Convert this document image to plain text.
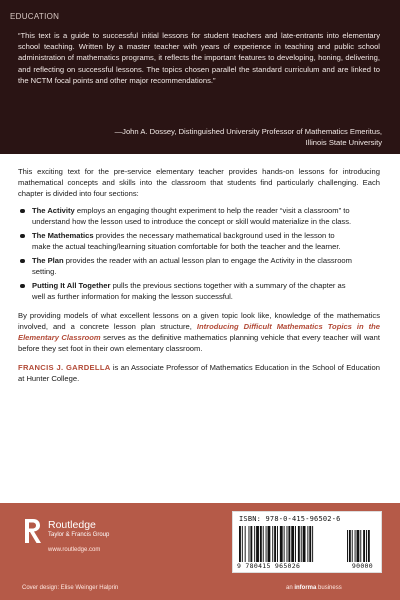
EDUCATION
“This text is a guide to successful initial lessons for student teachers and late-entrants into elementary school teaching. Written by a master teacher with years of experience in teaching and public school administration of mathematics programs, it reflects the important features to developing, honing, delivering, and reflecting on successful lessons. The topics chosen parallel the standard curriculum and are linked to the NCTM focal points and other major recommendations.”
—John A. Dossey, Distinguished University Professor of Mathematics Emeritus,
Illinois State University

This exciting text for the pre-service elementary teacher provides hands-on lessons for introducing mathematical concepts and skills into the classroom that students find particularly challenging. Each chapter is divided into four sections:

The Activity employs an engaging thought experiment to help the reader “visit a classroom” to understand how the lesson used to introduce the concept or skill would materialize in the class.
The Mathematics provides the necessary mathematical background used in the lesson to make the actual teaching/learning situation comfortable for both the teacher and the learner.
The Plan provides the reader with an actual lesson plan to engage the Activity in the classroom setting.
Putting It All Together pulls the previous sections together with a summary of the chapter as well as further information for making the lesson successful.

By providing models of what excellent lessons on a given topic look like, knowledge of the mathematics involved, and a concrete lesson plan structure, Introducing Difficult Mathematics Topics in the Elementary Classroom serves as the definitive mathematics planning vehicle that every teacher will want before they set foot in their own elementary classroom.

FRANCIS J. GARDELLA is an Associate Professor of Mathematics Education in the School of Education at Hunter College.

Routledge
Taylor & Francis Group
www.routledge.com
Cover design: Elise Weinger Halprin
ISBN: 978-0-415-96502-6
9 780415 965026	90000
an informa business
